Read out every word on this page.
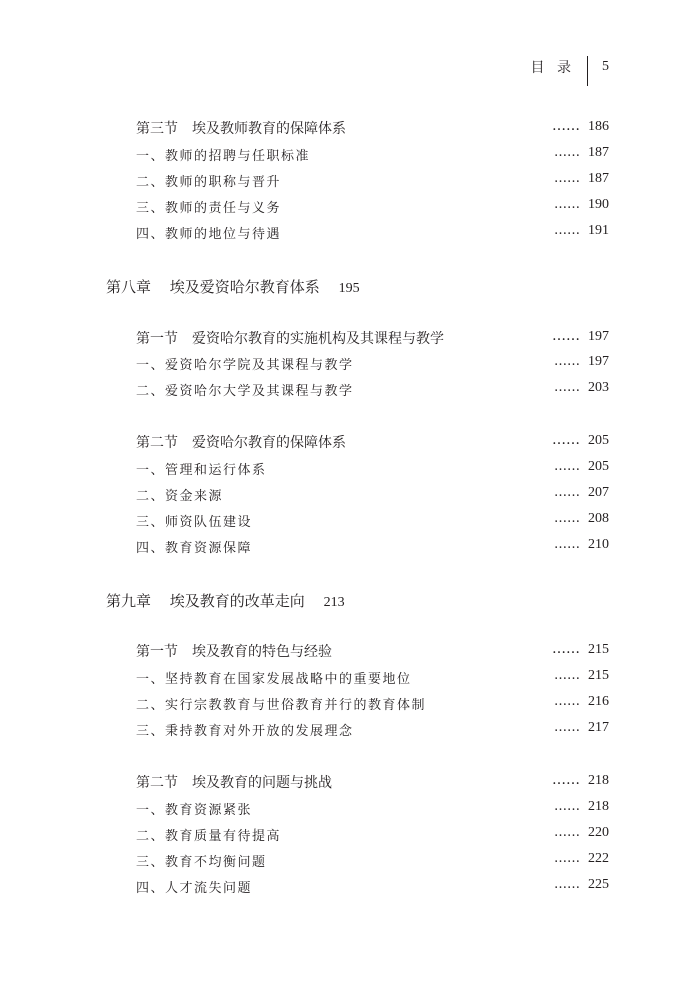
目 录 5
第三节 埃及教师教育的保障体系	…… 186
一、教师的招聘与任职标准	…… 187
二、教师的职称与晋升	…… 187
三、教师的责任与义务	…… 190
四、教师的地位与待遇	…… 191
第八章 埃及爱资哈尔教育体系 195
第一节 爱资哈尔教育的实施机构及其课程与教学	…… 197
一、爱资哈尔学院及其课程与教学	…… 197
二、爱资哈尔大学及其课程与教学	…… 203
第二节 爱资哈尔教育的保障体系	…… 205
一、管理和运行体系	…… 205
二、资金来源	…… 207
三、师资队伍建设	…… 208
四、教育资源保障	…… 210
第九章 埃及教育的改革走向 213
第一节 埃及教育的特色与经验	…… 215
一、坚持教育在国家发展战略中的重要地位	…… 215
二、实行宗教教育与世俗教育并行的教育体制	…… 216
三、秉持教育对外开放的发展理念	…… 217
第二节 埃及教育的问题与挑战	…… 218
一、教育资源紧张	…… 218
二、教育质量有待提高	…… 220
三、教育不均衡问题	…… 222
四、人才流失问题	…… 225
